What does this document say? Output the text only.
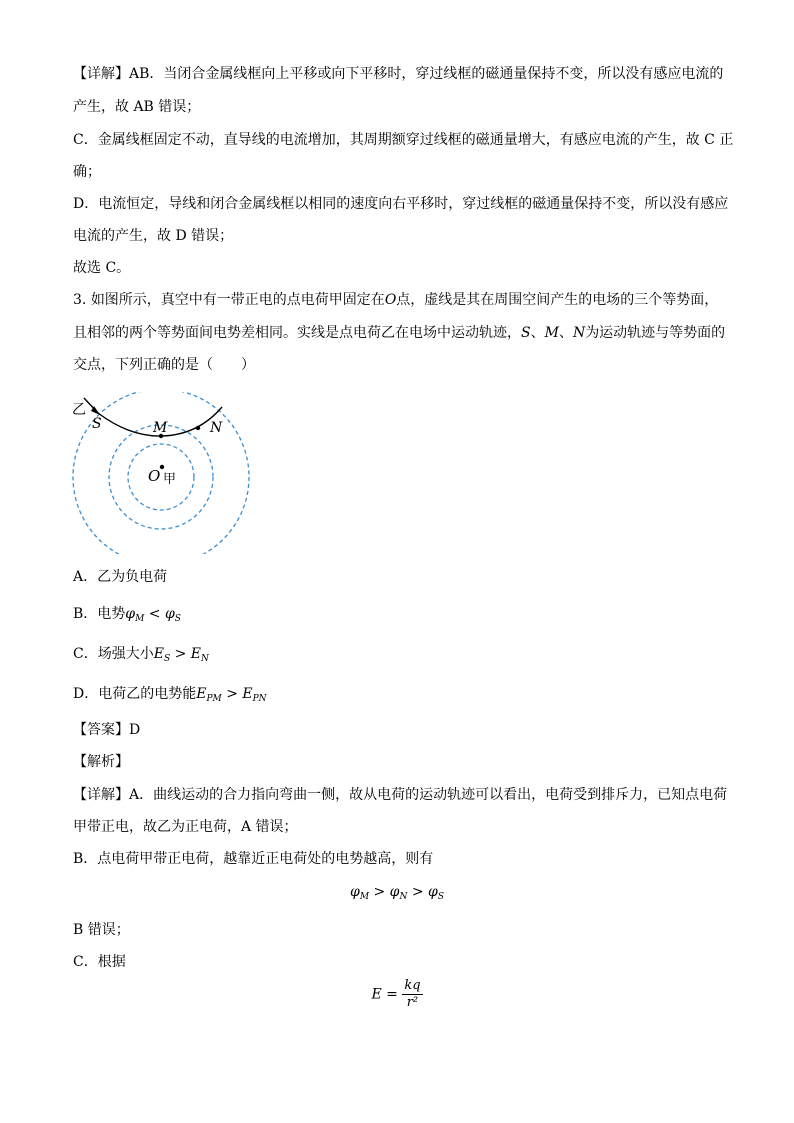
【详解】AB．当闭合金属线框向上平移或向下平移时，穿过线框的磁通量保持不变，所以没有感应电流的
产生，故 AB 错误；
C．金属线框固定不动，直导线的电流增加，其周期额穿过线框的磁通量增大，有感应电流的产生，故 C 正
确；
D．电流恒定，导线和闭合金属线框以相同的速度向右平移时，穿过线框的磁通量保持不变，所以没有感应
电流的产生，故 D 错误；
故选 C。
3. 如图所示，真空中有一带正电的点电荷甲固定在O点，虚线是其在周围空间产生的电场的三个等势面，
且相邻的两个等势面间电势差相同。实线是点电荷乙在电场中运动轨迹，S、M、N为运动轨迹与等势面的
交点，下列正确的是（　　）
乙
S	M	N
O 甲
A．乙为负电荷
B．电势$\varphi_M < \varphi_S$
C．场强大小$E_S > E_N$
D．电荷乙的电势能$E_{PM} > E_{PN}$
【答案】D
【解析】
【详解】A．曲线运动的合力指向弯曲一侧，故从电荷的运动轨迹可以看出，电荷受到排斥力，已知点电荷
甲带正电，故乙为正电荷，A 错误；
B．点电荷甲带正电荷，越靠近正电荷处的电势越高，则有
$\varphi_M > \varphi_N > \varphi_S$
B 错误；
C．根据
$E = \frac{kq}{\text{r²}}$
